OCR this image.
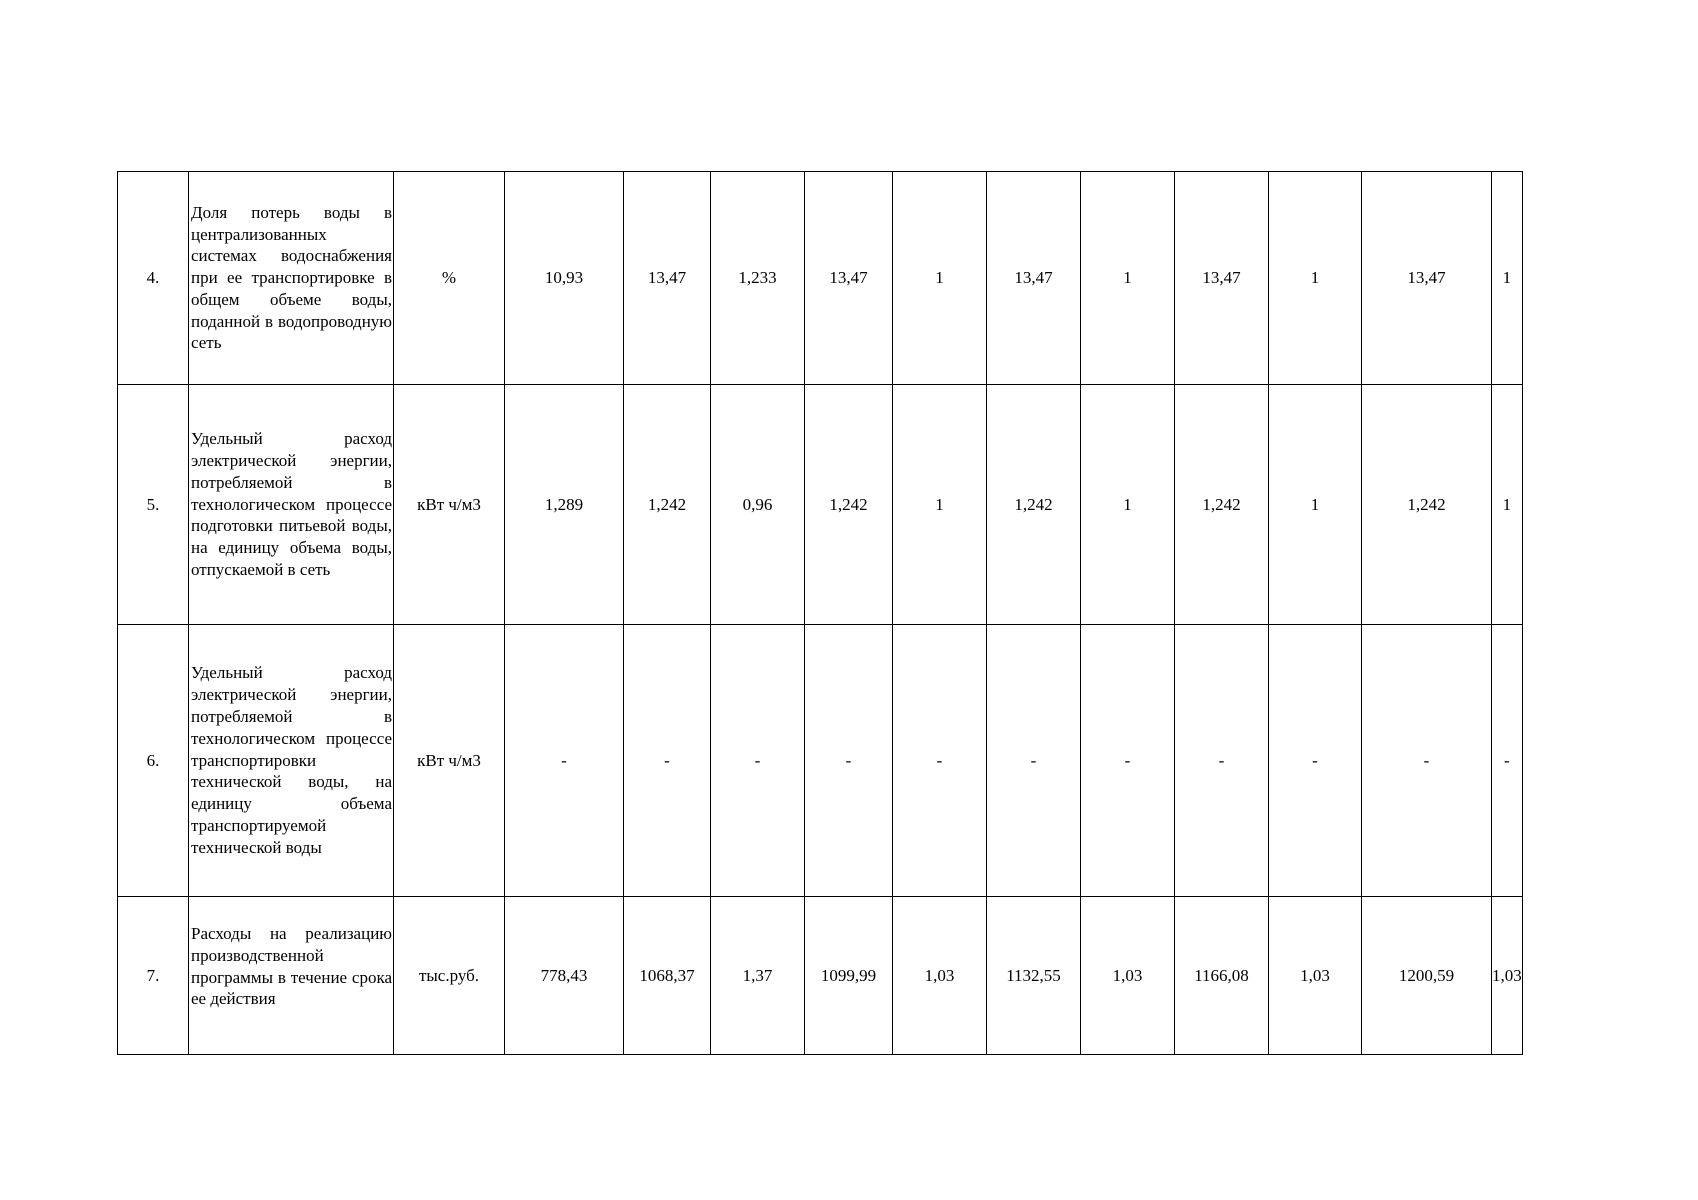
4.	Доля потерь воды в централизованных системах водоснабжения при ее транспортировке в общем объеме воды, поданной в водопроводную сеть	%	10,93	13,47	1,233	13,47	1	13,47	1	13,47	1	13,47	1
5.	Удельный расход электрической энергии, потребляемой в технологическом процессе подготовки питьевой воды, на единицу объема воды, отпускаемой в сеть	кВт ч/м3	1,289	1,242	0,96	1,242	1	1,242	1	1,242	1	1,242	1
6.	Удельный расход электрической энергии, потребляемой в технологическом процессе транспортировки технической воды, на единицу объема транспортируемой технической воды	кВт ч/м3	-	-	-	-	-	-	-	-	-	-	-
7.	Расходы на реализацию производственной программы в течение срока ее действия	тыс.руб.	778,43	1068,37	1,37	1099,99	1,03	1132,55	1,03	1166,08	1,03	1200,59	1,03
